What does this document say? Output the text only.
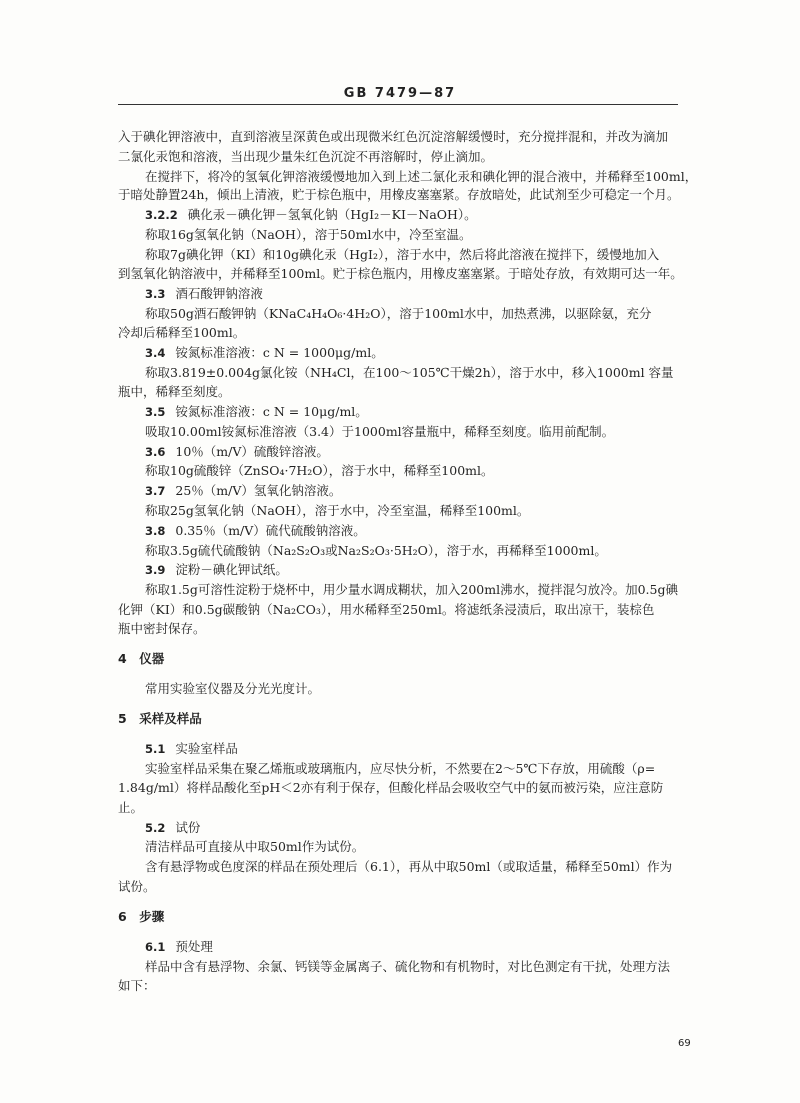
GB 7479—87
入于碘化钾溶液中，直到溶液呈深黄色或出现微米红色沉淀溶解缓慢时，充分搅拌混和，并改为滴加
二氯化汞饱和溶液，当出现少量朱红色沉淀不再溶解时，停止滴加。
在搅拌下，将冷的氢氧化钾溶液缓慢地加入到上述二氯化汞和碘化钾的混合液中，并稀释至100ml，
于暗处静置24h，倾出上清液，贮于棕色瓶中，用橡皮塞塞紧。存放暗处，此试剂至少可稳定一个月。
3.2.2 碘化汞－碘化钾－氢氧化钠（HgI₂－KI－NaOH）。
称取16g氢氧化钠（NaOH），溶于50ml水中，冷至室温。
称取7g碘化钾（KI）和10g碘化汞（HgI₂），溶于水中，然后将此溶液在搅拌下，缓慢地加入
到氢氧化钠溶液中，并稀释至100ml。贮于棕色瓶内，用橡皮塞塞紧。于暗处存放，有效期可达一年。
3.3 酒石酸钾钠溶液
称取50g酒石酸钾钠（KNaC₄H₄O₆·4H₂O），溶于100ml水中，加热煮沸，以驱除氨，充分
冷却后稀释至100ml。
3.4 铵氮标准溶液：c N = 1000μg/ml。
称取3.819±0.004g氯化铵（NH₄Cl，在100～105℃干燥2h），溶于水中，移入1000ml 容量
瓶中，稀释至刻度。
3.5 铵氮标准溶液：c N = 10μg/ml。
吸取10.00ml铵氮标准溶液（3.4）于1000ml容量瓶中，稀释至刻度。临用前配制。
3.6 10％（m/V）硫酸锌溶液。
称取10g硫酸锌（ZnSO₄·7H₂O），溶于水中，稀释至100ml。
3.7 25％（m/V）氢氧化钠溶液。
称取25g氢氧化钠（NaOH），溶于水中，冷至室温，稀释至100ml。
3.8 0.35％（m/V）硫代硫酸钠溶液。
称取3.5g硫代硫酸钠（Na₂S₂O₃或Na₂S₂O₃·5H₂O），溶于水，再稀释至1000ml。
3.9 淀粉－碘化钾试纸。
称取1.5g可溶性淀粉于烧杯中，用少量水调成糊状，加入200ml沸水，搅拌混匀放冷。加0.5g碘
化钾（KI）和0.5g碳酸钠（Na₂CO₃），用水稀释至250ml。将滤纸条浸渍后，取出凉干，装棕色
瓶中密封保存。
4　仪器
常用实验室仪器及分光光度计。
5　采样及样品
5.1 实验室样品
实验室样品采集在聚乙烯瓶或玻璃瓶内，应尽快分析，不然要在2～5℃下存放，用硫酸（ρ=
1.84g/ml）将样品酸化至pH＜2亦有利于保存，但酸化样品会吸收空气中的氨而被污染，应注意防
止。
5.2 试份
清洁样品可直接从中取50ml作为试份。
含有悬浮物或色度深的样品在预处理后（6.1），再从中取50ml（或取适量，稀释至50ml）作为
试份。
6　步骤
6.1 预处理
样品中含有悬浮物、余氯、钙镁等金属离子、硫化物和有机物时，对比色测定有干扰，处理方法
如下：
69
